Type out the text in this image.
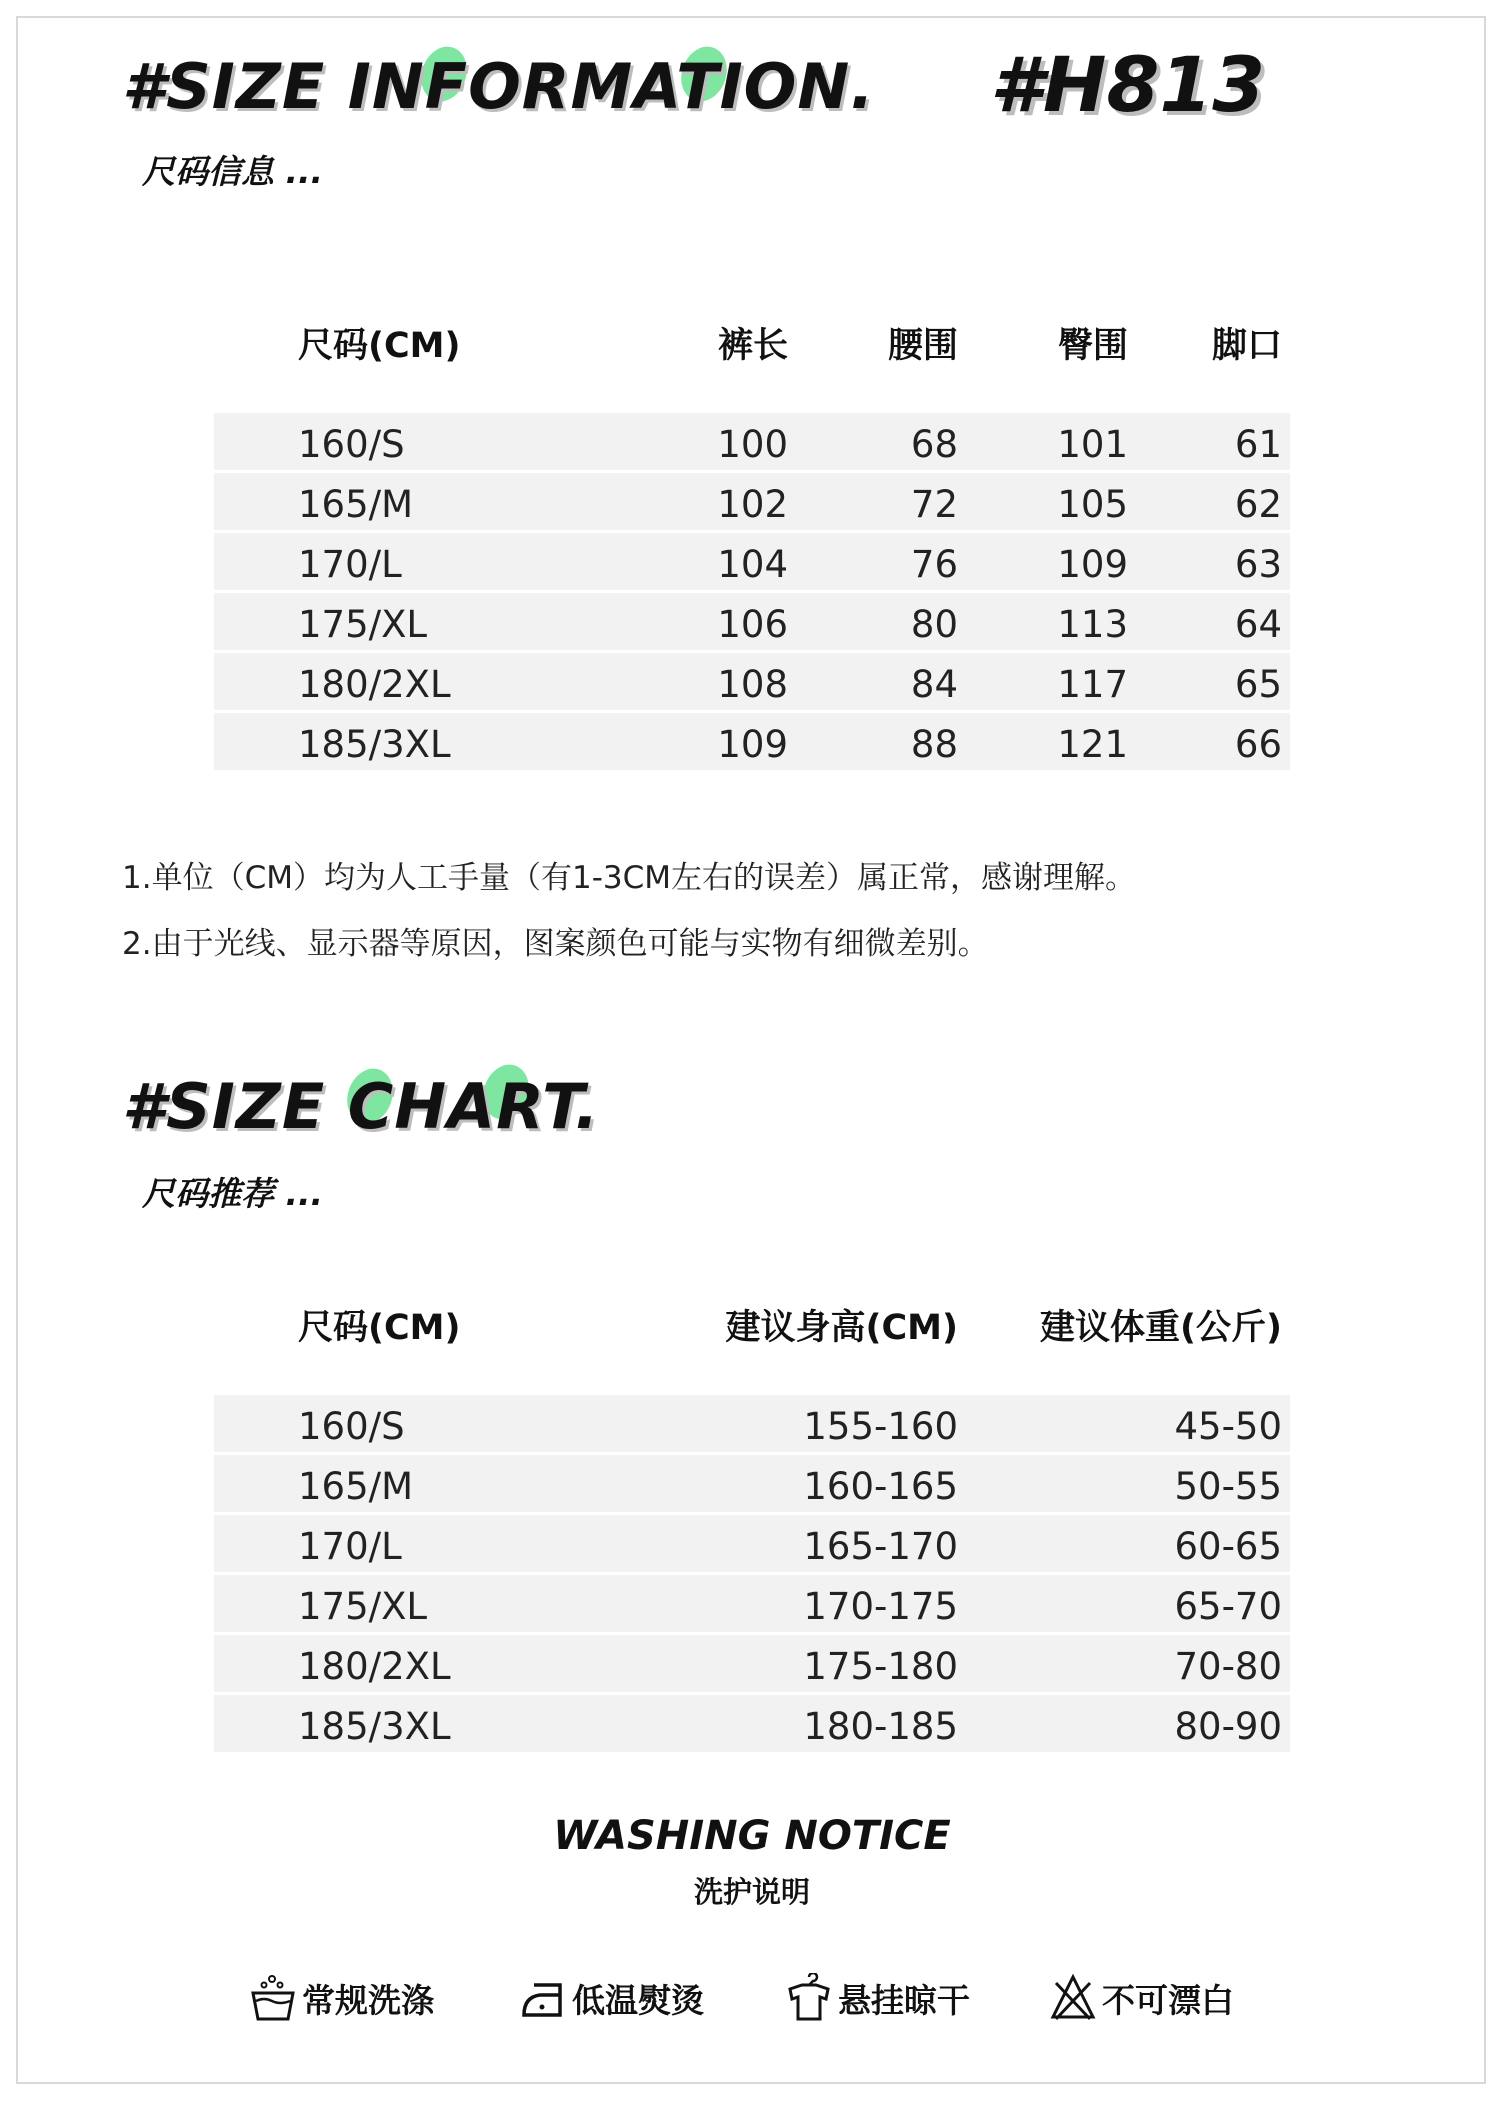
#SIZE INFORMATION.
尺码信息 ...
#H813
尺码(CM)	裤长	腰围	臀围 脚口
160/S	100	68	101	61
165/M	102	72	105	62
170/L	104	76	109	63
175/XL	106	80	113	64
180/2XL	108	84	117	65
185/3XL	109	88	121	66
1.单位（CM）均为人工手量（有1-3CM左右的误差）属正常，感谢理解。
2.由于光线、显示器等原因，图案颜色可能与实物有细微差别。
#SIZE CHART.
尺码推荐 ...
尺码(CM)	建议身高(CM) 建议体重(公斤)
160/S	155-160	45-50
165/M	160-165	50-55
170/L	165-170	60-65
175/XL	170-175	65-70
180/2XL	175-180	70-80
185/3XL	180-185	80-90
WASHING NOTICE
洗护说明
常规洗涤	低温熨烫	悬挂晾干	不可漂白
